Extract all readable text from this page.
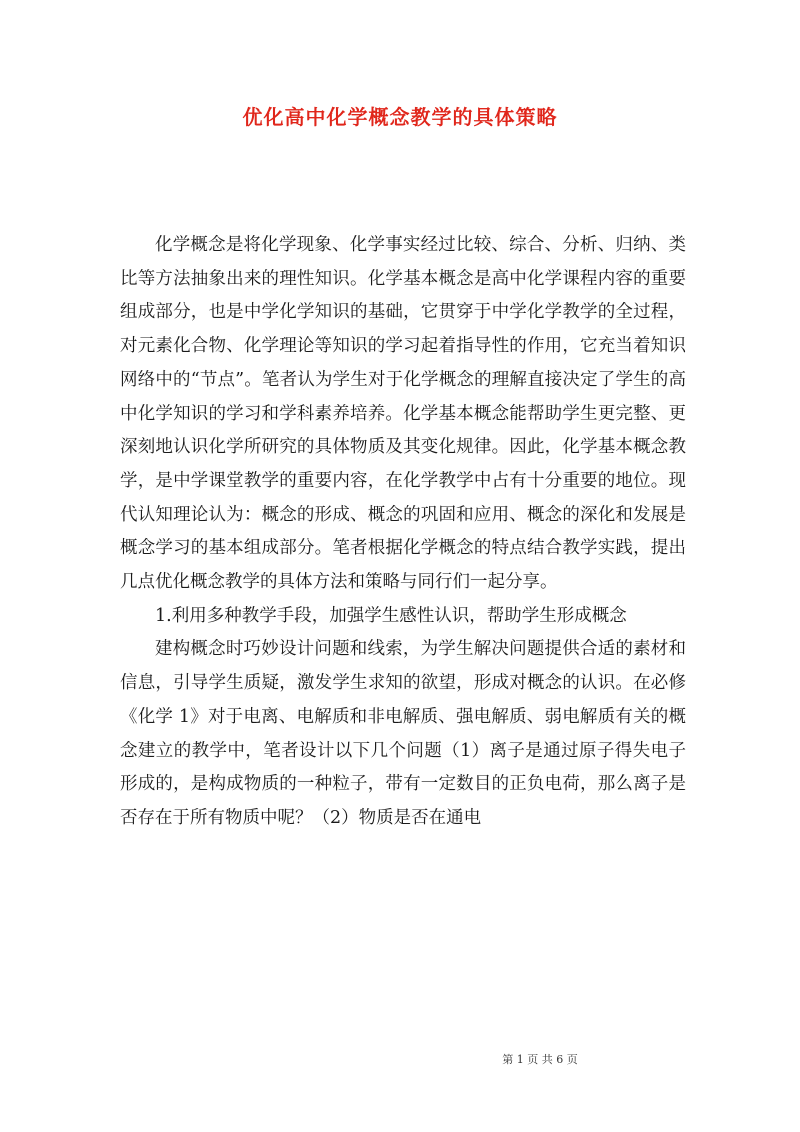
优化高中化学概念教学的具体策略

化学概念是将化学现象、化学事实经过比较、综合、分析、归纳、类比等方法抽象出来的理性知识。化学基本概念是高中化学课程内容的重要组成部分，也是中学化学知识的基础，它贯穿于中学化学教学的全过程，对元素化合物、化学理论等知识的学习起着指导性的作用，它充当着知识网络中的“节点”。笔者认为学生对于化学概念的理解直接决定了学生的高中化学知识的学习和学科素养培养。化学基本概念能帮助学生更完整、更深刻地认识化学所研究的具体物质及其变化规律。因此，化学基本概念教学，是中学课堂教学的重要内容，在化学教学中占有十分重要的地位。现代认知理论认为：概念的形成、概念的巩固和应用、概念的深化和发展是概念学习的基本组成部分。笔者根据化学概念的特点结合教学实践，提出几点优化概念教学的具体方法和策略与同行们一起分享。

1.利用多种教学手段，加强学生感性认识，帮助学生形成概念

建构概念时巧妙设计问题和线索，为学生解决问题提供合适的素材和信息，引导学生质疑，激发学生求知的欲望，形成对概念的认识。在必修《化学 1》对于电离、电解质和非电解质、强电解质、弱电解质有关的概念建立的教学中，笔者设计以下几个问题（1）离子是通过原子得失电子形成的，是构成物质的一种粒子，带有一定数目的正负电荷，那么离子是否存在于所有物质中呢？（2）物质是否在通电

第 1 页 共 6 页
